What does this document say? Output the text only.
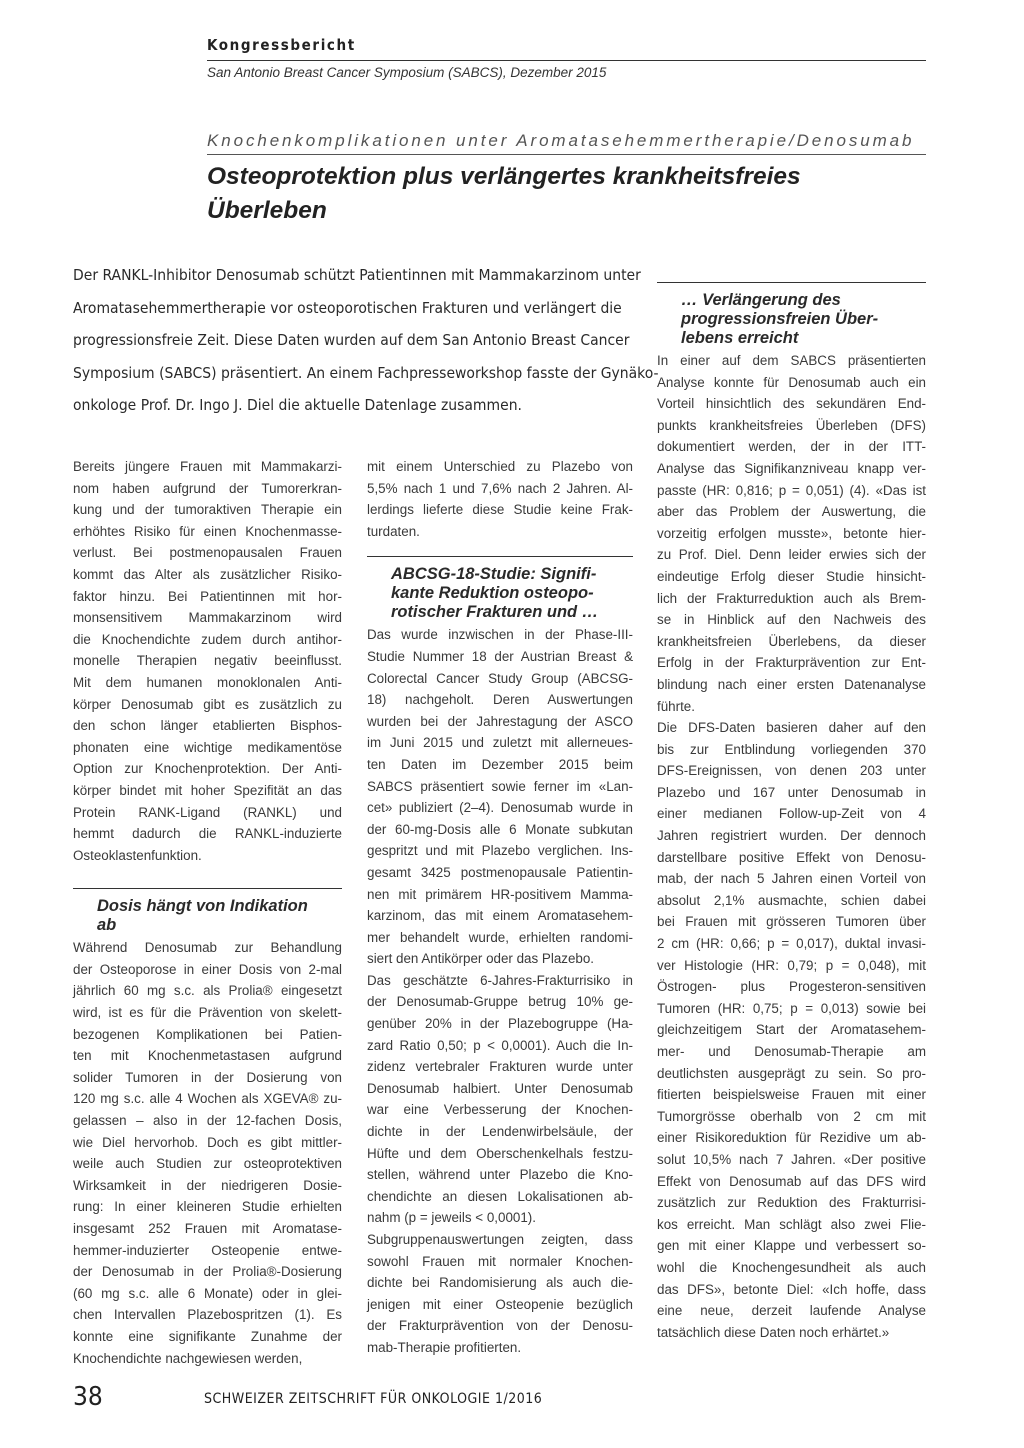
Kongressbericht
San Antonio Breast Cancer Symposium (SABCS), Dezember 2015
Knochenkomplikationen unter Aromatasehemmertherapie/Denosumab
Osteoprotektion plus verlängertes krankheitsfreies
Überleben
Der RANKL-Inhibitor Denosumab schützt Patientinnen mit Mammakarzinom unter
Aromatasehemmertherapie vor osteoporotischen Frakturen und verlängert die
progressionsfreie Zeit. Diese Daten wurden auf dem San Antonio Breast Cancer
Symposium (SABCS) präsentiert. An einem Fachpresseworkshop fasste der Gynäko-
onkologe Prof. Dr. Ingo J. Diel die aktuelle Datenlage zusammen.

Bereits jüngere Frauen mit Mammakarzi-
nom haben aufgrund der Tumorerkran-
kung und der tumoraktiven Therapie ein
erhöhtes Risiko für einen Knochenmasse-
verlust. Bei postmenopausalen Frauen
kommt das Alter als zusätzlicher Risiko-
faktor hinzu. Bei Patientinnen mit hor-
monsensitivem Mammakarzinom wird
die Knochendichte zudem durch antihor-
monelle Therapien negativ beeinflusst.
Mit dem humanen monoklonalen Anti-
körper Denosumab gibt es zusätzlich zu
den schon länger etablierten Bisphos-
phonaten eine wichtige medikamentöse
Option zur Knochenprotektion. Der Anti-
körper bindet mit hoher Spezifität an das
Protein RANK-Ligand (RANKL) und
hemmt dadurch die RANKL-induzierte
Osteoklastenfunktion.

Dosis hängt von Indikation
ab

Während Denosumab zur Behandlung
der Osteoporose in einer Dosis von 2-mal
jährlich 60 mg s.c. als Prolia® eingesetzt
wird, ist es für die Prävention von skelett-
bezogenen Komplikationen bei Patien-
ten mit Knochenmetastasen aufgrund
solider Tumoren in der Dosierung von
120 mg s.c. alle 4 Wochen als XGEVA® zu-
gelassen – also in der 12-fachen Dosis,
wie Diel hervorhob. Doch es gibt mittler-
weile auch Studien zur osteoprotektiven
Wirksamkeit in der niedrigeren Dosie-
rung: In einer kleineren Studie erhielten
insgesamt 252 Frauen mit Aromatase-
hemmer-induzierter Osteopenie entwe-
der Denosumab in der Prolia®-Dosierung
(60 mg s.c. alle 6 Monate) oder in glei-
chen Intervallen Plazebospritzen (1). Es
konnte eine signifikante Zunahme der
Knochendichte nachgewiesen werden,

mit einem Unterschied zu Plazebo von
5,5% nach 1 und 7,6% nach 2 Jahren. Al-
lerdings lieferte diese Studie keine Frak-
turdaten.

ABCSG-18-Studie: Signifi-
kante Reduktion osteopo-
rotischer Frakturen und …

Das wurde inzwischen in der Phase-III-
Studie Nummer 18 der Austrian Breast &
Colorectal Cancer Study Group (ABCSG-
18) nachgeholt. Deren Auswertungen
wurden bei der Jahrestagung der ASCO
im Juni 2015 und zuletzt mit allerneues-
ten Daten im Dezember 2015 beim
SABCS präsentiert sowie ferner im «Lan-
cet» publiziert (2–4). Denosumab wurde in
der 60-mg-Dosis alle 6 Monate subkutan
gespritzt und mit Plazebo verglichen. Ins-
gesamt 3425 postmenopausale Patientin-
nen mit primärem HR-positivem Mamma-
karzinom, das mit einem Aromatasehem-
mer behandelt wurde, erhielten randomi-
siert den Antikörper oder das Plazebo.

Das geschätzte 6-Jahres-Frakturrisiko in
der Denosumab-Gruppe betrug 10% ge-
genüber 20% in der Plazebogruppe (Ha-
zard Ratio 0,50; p < 0,0001). Auch die In-
zidenz vertebraler Frakturen wurde unter
Denosumab halbiert. Unter Denosumab
war eine Verbesserung der Knochen-
dichte in der Lendenwirbelsäule, der
Hüfte und dem Oberschenkelhals festzu-
stellen, während unter Plazebo die Kno-
chendichte an diesen Lokalisationen ab-
nahm (p = jeweils < 0,0001).

Subgruppenauswertungen zeigten, dass
sowohl Frauen mit normaler Knochen-
dichte bei Randomisierung als auch die-
jenigen mit einer Osteopenie bezüglich
der Frakturprävention von der Denosu-
mab-Therapie profitierten.

… Verlängerung des
progressionsfreien Über-
lebens erreicht

In einer auf dem SABCS präsentierten
Analyse konnte für Denosumab auch ein
Vorteil hinsichtlich des sekundären End-
punkts krankheitsfreies Überleben (DFS)
dokumentiert werden, der in der ITT-
Analyse das Signifikanzniveau knapp ver-
passte (HR: 0,816; p = 0,051) (4). «Das ist
aber das Problem der Auswertung, die
vorzeitig erfolgen musste», betonte hier-
zu Prof. Diel. Denn leider erwies sich der
eindeutige Erfolg dieser Studie hinsicht-
lich der Frakturreduktion auch als Brem-
se in Hinblick auf den Nachweis des
krankheitsfreien Überlebens, da dieser
Erfolg in der Frakturprävention zur Ent-
blindung nach einer ersten Datenanalyse
führte.

Die DFS-Daten basieren daher auf den
bis zur Entblindung vorliegenden 370
DFS-Ereignissen, von denen 203 unter
Plazebo und 167 unter Denosumab in
einer medianen Follow-up-Zeit von 4
Jahren registriert wurden. Der dennoch
darstellbare positive Effekt von Denosu-
mab, der nach 5 Jahren einen Vorteil von
absolut 2,1% ausmachte, schien dabei
bei Frauen mit grösseren Tumoren über
2 cm (HR: 0,66; p = 0,017), duktal invasi-
ver Histologie (HR: 0,79; p = 0,048), mit
Östrogen- plus Progesteron-sensitiven
Tumoren (HR: 0,75; p = 0,013) sowie bei
gleichzeitigem Start der Aromatasehem-
mer- und Denosumab-Therapie am
deutlichsten ausgeprägt zu sein. So pro-
fitierten beispielsweise Frauen mit einer
Tumorgrösse oberhalb von 2 cm mit
einer Risikoreduktion für Rezidive um ab-
solut 10,5% nach 7 Jahren. «Der positive
Effekt von Denosumab auf das DFS wird
zusätzlich zur Reduktion des Frakturrisi-
kos erreicht. Man schlägt also zwei Flie-
gen mit einer Klappe und verbessert so-
wohl die Knochengesundheit als auch
das DFS», betonte Diel: «Ich hoffe, dass
eine neue, derzeit laufende Analyse
tatsächlich diese Daten noch erhärtet.»

38	SCHWEIZER ZEITSCHRIFT FÜR ONKOLOGIE 1/2016
